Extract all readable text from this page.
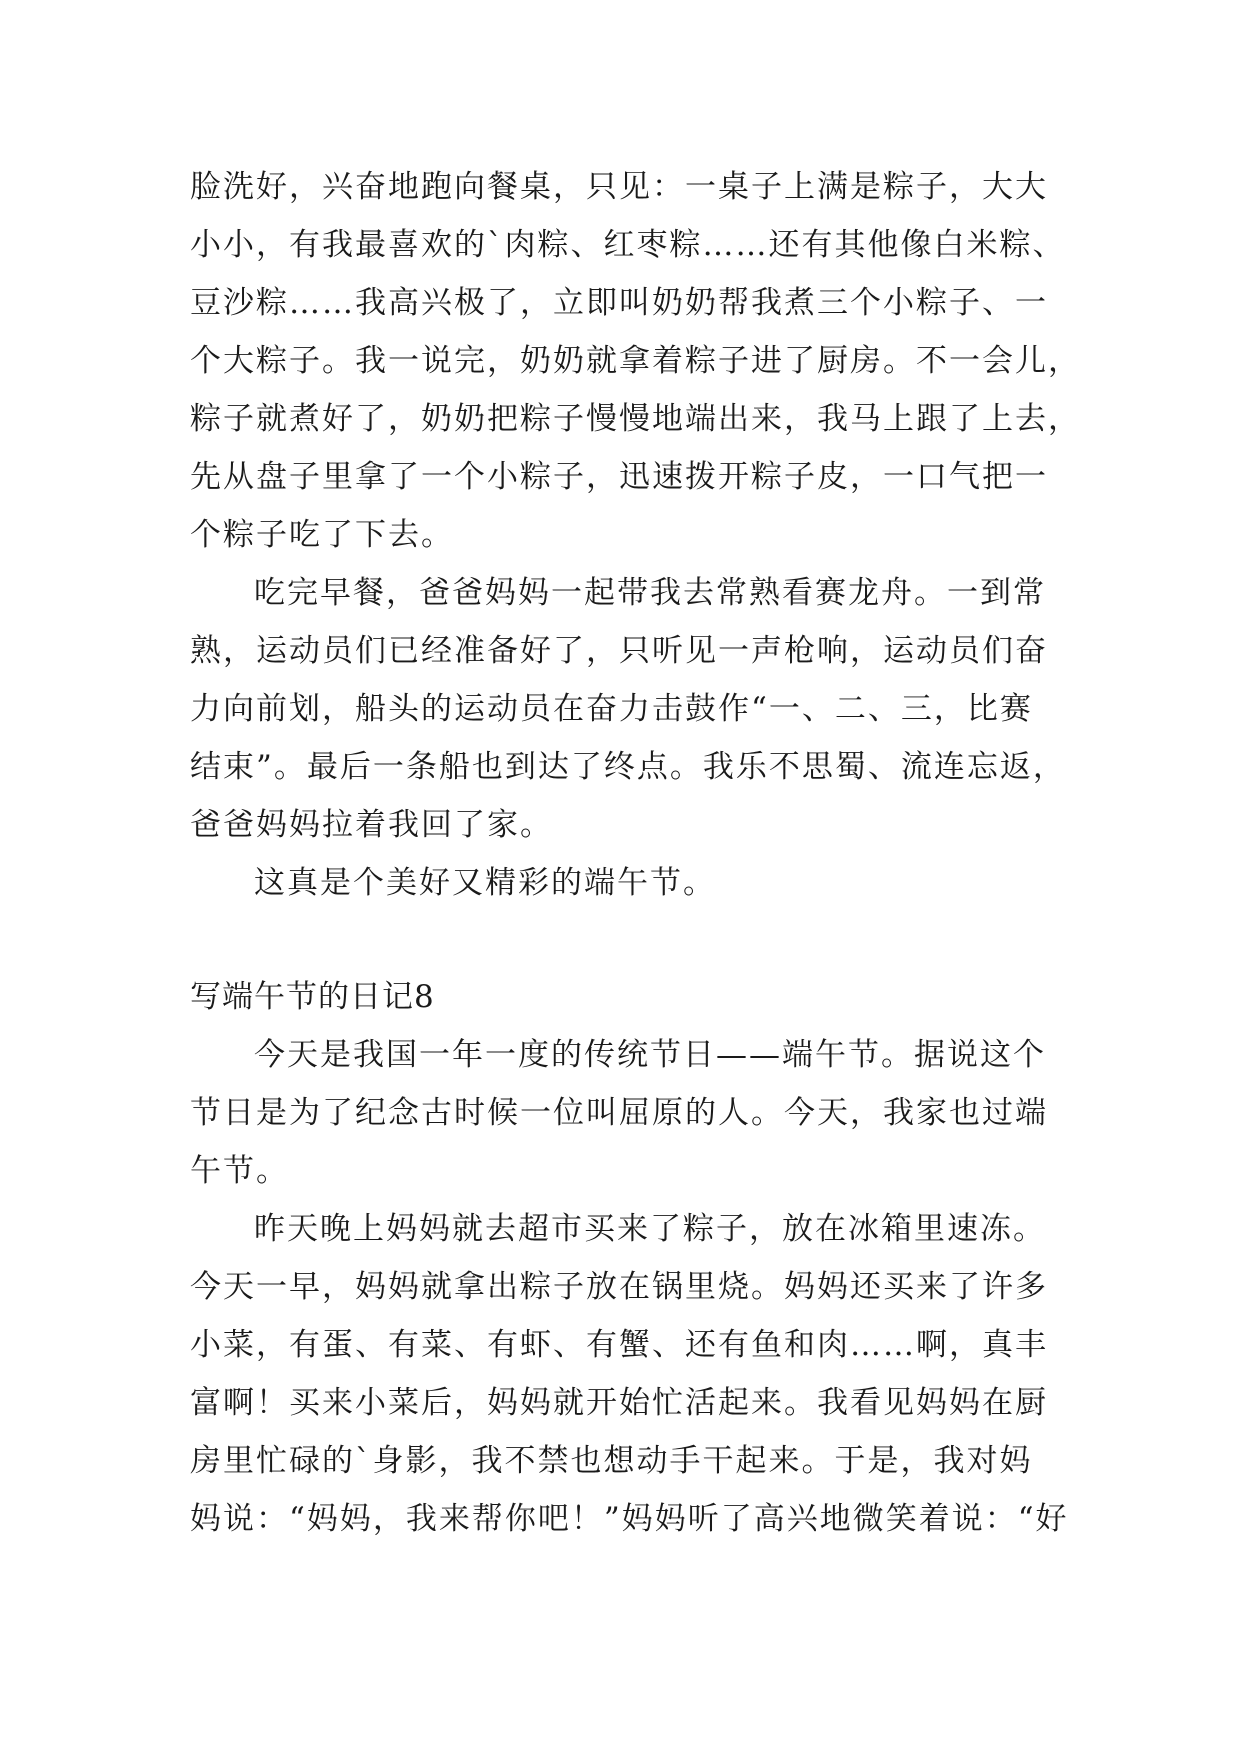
脸洗好，兴奋地跑向餐桌，只见：一桌子上满是粽子，大大

小小，有我最喜欢的`肉粽、红枣粽……还有其他像白米粽、

豆沙粽……我高兴极了，立即叫奶奶帮我煮三个小粽子、一

个大粽子。我一说完，奶奶就拿着粽子进了厨房。不一会儿，

粽子就煮好了，奶奶把粽子慢慢地端出来，我马上跟了上去，

先从盘子里拿了一个小粽子，迅速拨开粽子皮，一口气把一

个粽子吃了下去。

吃完早餐，爸爸妈妈一起带我去常熟看赛龙舟。一到常

熟，运动员们已经准备好了，只听见一声枪响，运动员们奋

力向前划，船头的运动员在奋力击鼓作“一、二、三，比赛

结束”。最后一条船也到达了终点。我乐不思蜀、流连忘返，

爸爸妈妈拉着我回了家。

这真是个美好又精彩的端午节。

写端午节的日记8

今天是我国一年一度的传统节日——端午节。据说这个

节日是为了纪念古时候一位叫屈原的人。今天，我家也过端

午节。

昨天晚上妈妈就去超市买来了粽子，放在冰箱里速冻。

今天一早，妈妈就拿出粽子放在锅里烧。妈妈还买来了许多

小菜，有蛋、有菜、有虾、有蟹、还有鱼和肉……啊，真丰

富啊！买来小菜后，妈妈就开始忙活起来。我看见妈妈在厨

房里忙碌的`身影，我不禁也想动手干起来。于是，我对妈

妈说：“妈妈，我来帮你吧！”妈妈听了高兴地微笑着说：“好
